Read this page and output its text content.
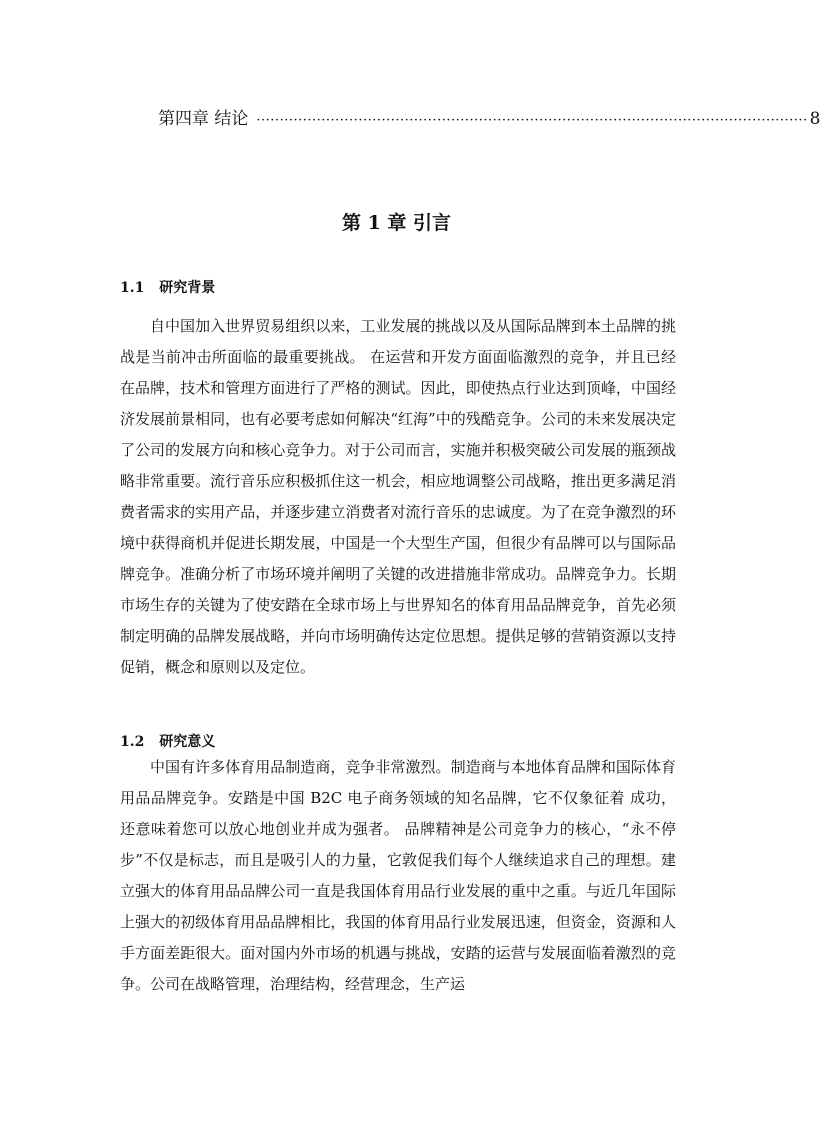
第四章 结论 ······················································································································· 8
第 1 章 引言
1.1 研究背景

自中国加入世界贸易组织以来，工业发展的挑战以及从国际品牌到本土品牌的挑战是当前冲击所面临的最重要挑战。 在运营和开发方面面临激烈的竞争，并且已经在品牌，技术和管理方面进行了严格的测试。因此，即使热点行业达到顶峰，中国经济发展前景相同，也有必要考虑如何解决“红海”中的残酷竞争。公司的未来发展决定了公司的发展方向和核心竞争力。对于公司而言，实施并积极突破公司发展的瓶颈战略非常重要。流行音乐应积极抓住这一机会，相应地调整公司战略，推出更多满足消费者需求的实用产品，并逐步建立消费者对流行音乐的忠诚度。为了在竞争激烈的环境中获得商机并促进长期发展，中国是一个大型生产国，但很少有品牌可以与国际品牌竞争。准确分析了市场环境并阐明了关键的改进措施非常成功。品牌竞争力。长期市场生存的关键为了使安踏在全球市场上与世界知名的体育用品品牌竞争，首先必须制定明确的品牌发展战略，并向市场明确传达定位思想。提供足够的营销资源以支持促销，概念和原则以及定位。

1.2 研究意义

中国有许多体育用品制造商，竞争非常激烈。制造商与本地体育品牌和国际体育用品品牌竞争。安踏是中国 B2C 电子商务领域的知名品牌，它不仅象征着 成功，还意味着您可以放心地创业并成为强者。 品牌精神是公司竞争力的核心，“永不停步”不仅是标志，而且是吸引人的力量，它敦促我们每个人继续追求自己的理想。建立强大的体育用品品牌公司一直是我国体育用品行业发展的重中之重。与近几年国际上强大的初级体育用品品牌相比，我国的体育用品行业发展迅速，但资金，资源和人手方面差距很大。面对国内外市场的机遇与挑战，安踏的运营与发展面临着激烈的竞争。公司在战略管理，治理结构，经营理念，生产运
